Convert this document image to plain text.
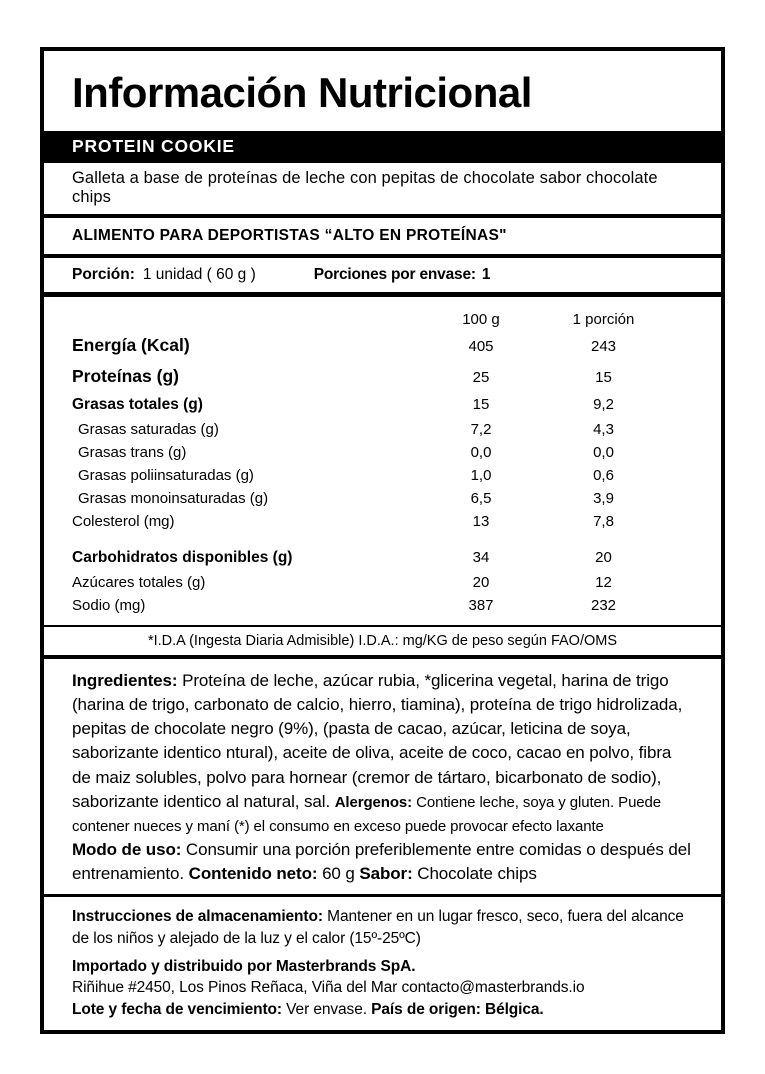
Información Nutricional
PROTEIN COOKIE
Galleta a base de proteínas de leche con pepitas de chocolate sabor chocolate chips
ALIMENTO PARA DEPORTISTAS “ALTO EN PROTEÍNAS"
Porción: 1 unidad ( 60 g )	Porciones por envase: 1
100 g	1 porción
Energía (Kcal)	405	243
Proteínas (g)	25	15
Grasas totales (g)	15	9,2
Grasas saturadas (g)	7,2	4,3
Grasas trans (g)	0,0	0,0
Grasas poliinsaturadas (g)	1,0	0,6
Grasas monoinsaturadas (g)	6,5	3,9
Colesterol (mg)	13	7,8
Carbohidratos disponibles (g)	34	20
Azúcares totales (g)	20	12
Sodio (mg)	387	232
*I.D.A (Ingesta Diaria Admisible) I.D.A.: mg/KG de peso según FAO/OMS

Ingredientes: Proteína de leche, azúcar rubia, *glicerina vegetal, harina de trigo (harina de trigo, carbonato de calcio, hierro, tiamina), proteína de trigo hidrolizada, pepitas de chocolate negro (9%), (pasta de cacao, azúcar, leticina de soya, saborizante identico ntural), aceite de oliva, aceite de coco, cacao en polvo, fibra de maiz solubles, polvo para hornear (cremor de tártaro, bicarbonato de sodio), saborizante identico al natural, sal. Alergenos: Contiene leche, soya y gluten. Puede contener nueces y maní (*) el consumo en exceso puede provocar efecto laxante

Modo de uso: Consumir una porción preferiblemente entre comidas o después del entrenamiento. Contenido neto: 60 g Sabor: Chocolate chips

Instrucciones de almacenamiento: Mantener en un lugar fresco, seco, fuera del alcance de los niños y alejado de la luz y el calor (15º-25ºC)

Importado y distribuido por Masterbrands SpA.

Riñihue #2450, Los Pinos Reñaca, Viña del Mar contacto@masterbrands.io

Lote y fecha de vencimiento: Ver envase. País de origen: Bélgica.
